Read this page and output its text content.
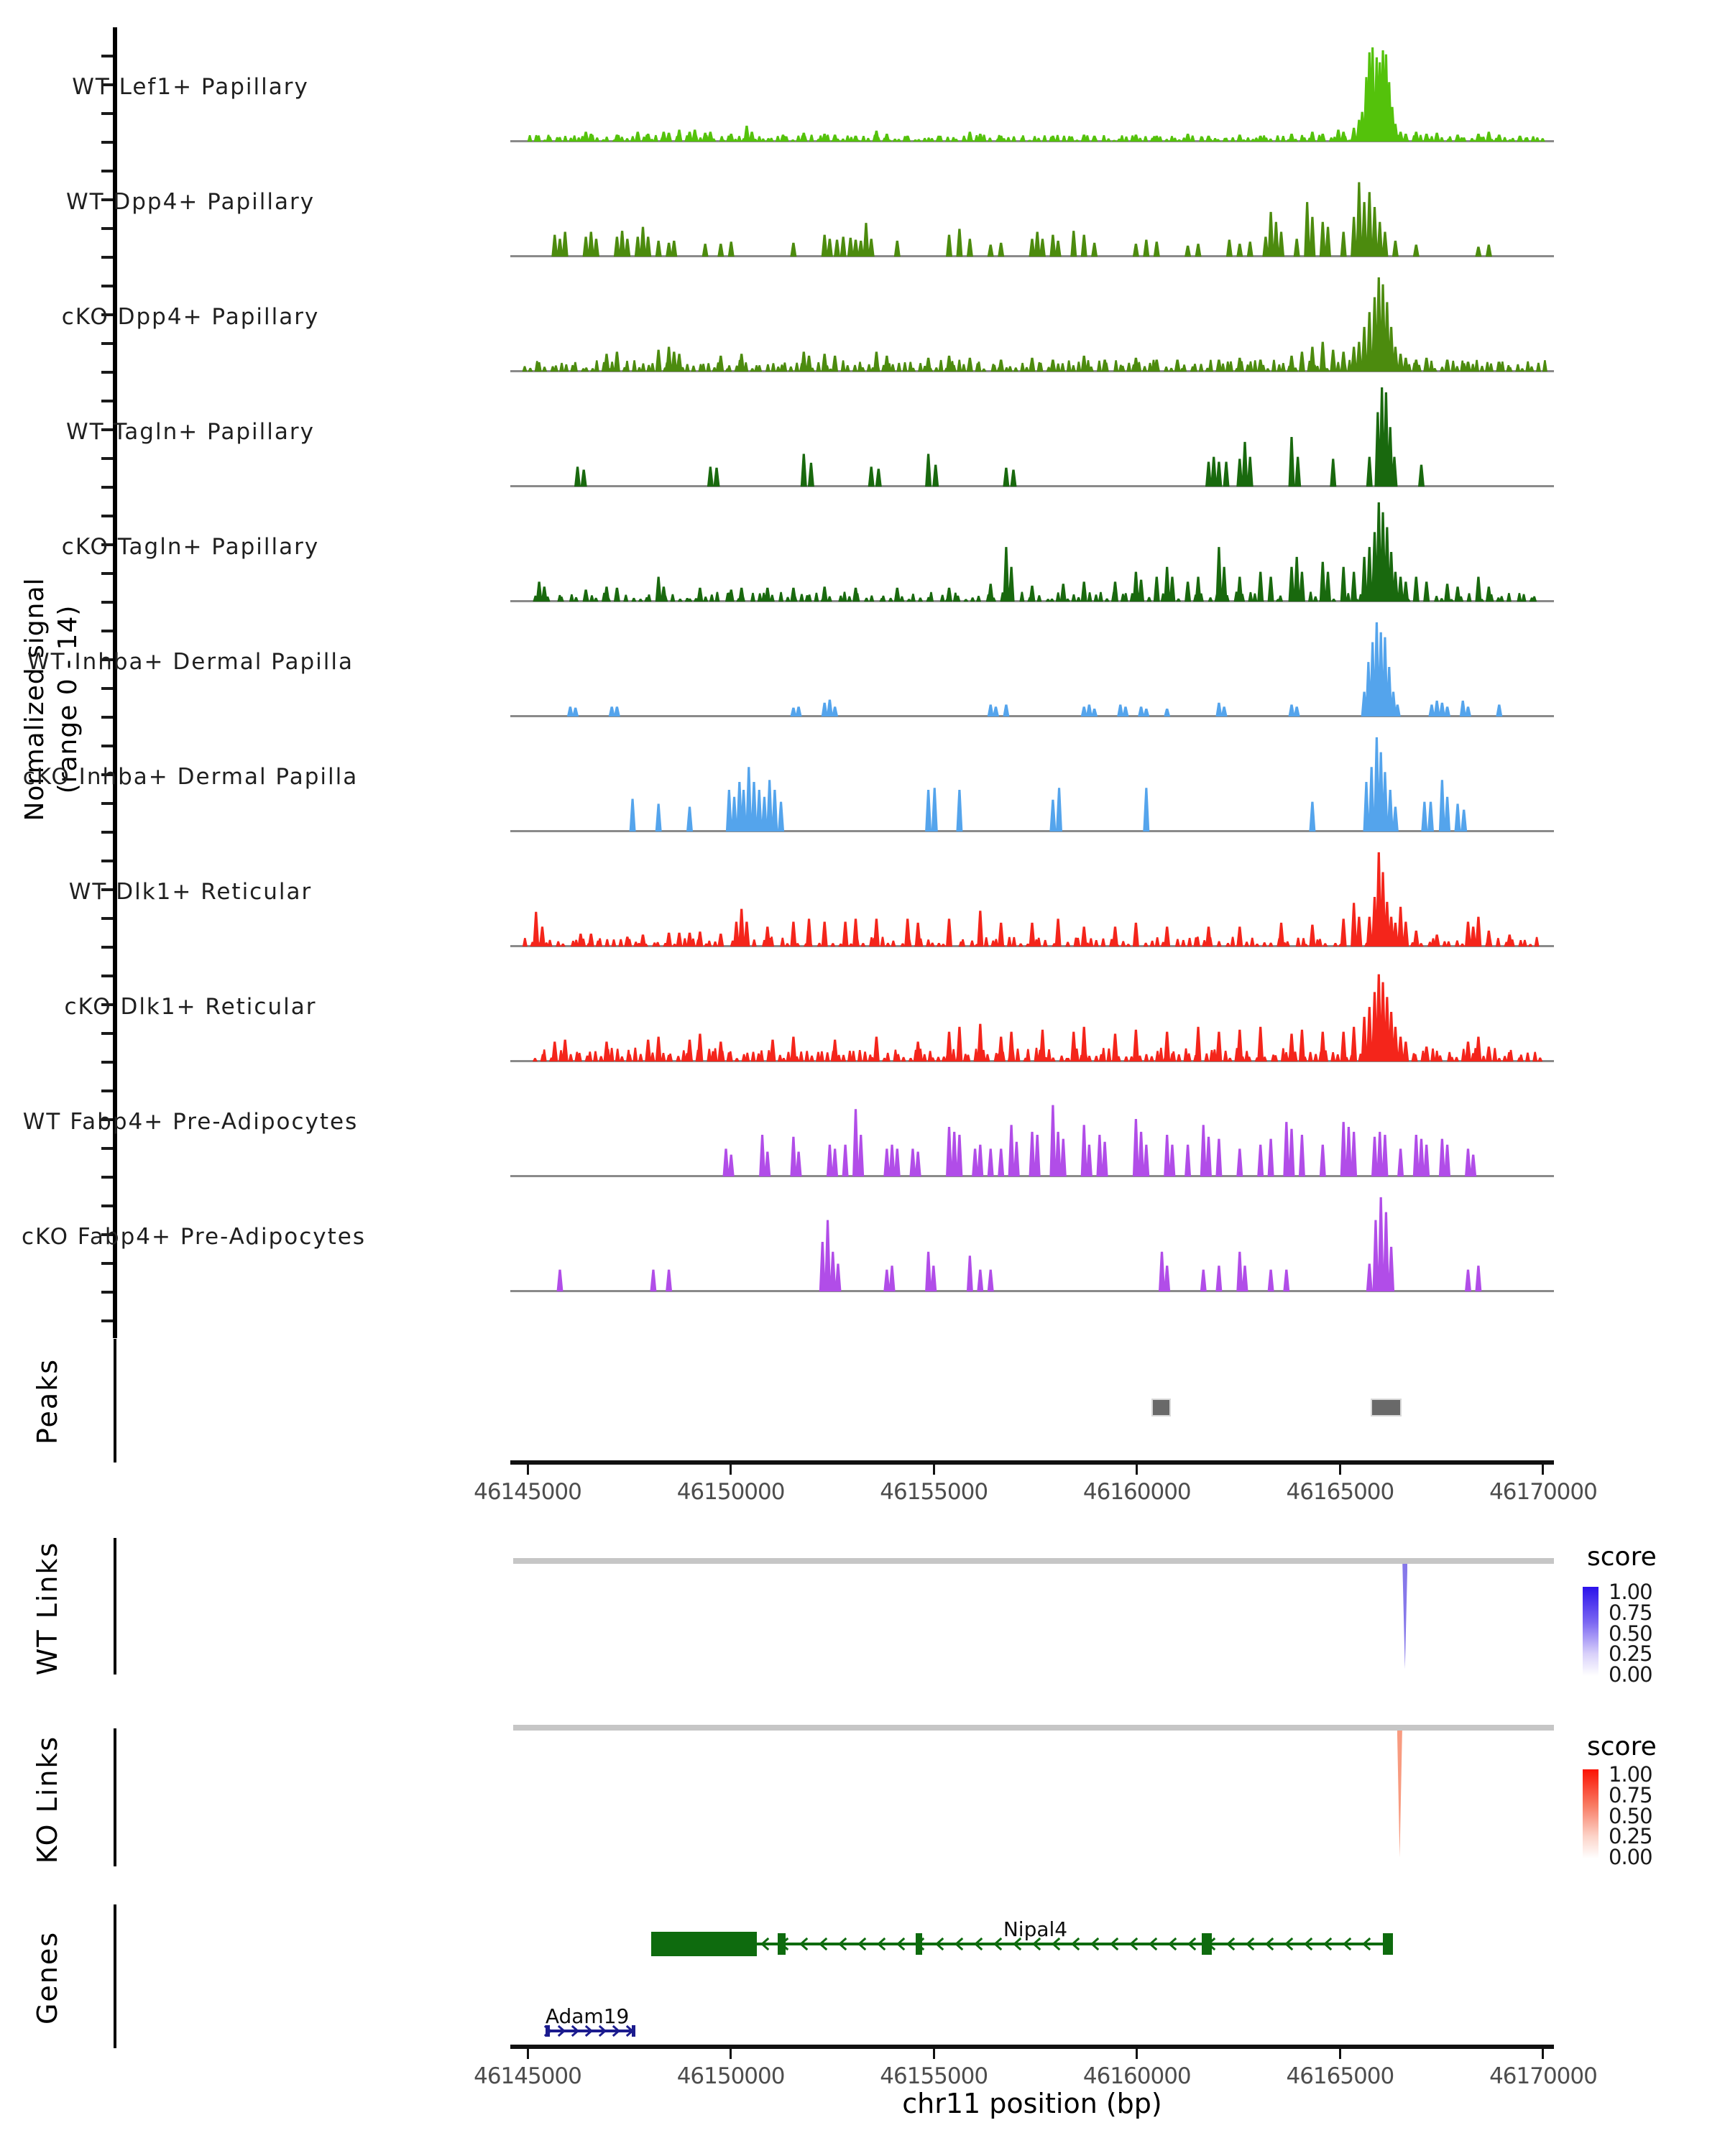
Normalized signal (range 0 - 14)
WT Lef1+ Papillary
WT Dpp4+ Papillary
cKO Dpp4+ Papillary
WT Tagln+ Papillary
cKO Tagln+ Papillary
WT Inhba+ Dermal Papilla
cKO Inhba+ Dermal Papilla
WT Dlk1+ Reticular
cKO Dlk1+ Reticular
WT Fabp4+ Pre-Adipocytes
cKO Fabp4+ Pre-Adipocytes
Peaks
46145000	46150000	46155000	46160000	46165000	46170000
WT Links	score
1.00
0.75
0.50
0.25
0.00
KO Links	score
1.00
0.75
0.50
0.25
0.00
Genes
Nipal4
Adam19
46145000	46150000	46155000	46160000	46165000	46170000
chr11 position (bp)
